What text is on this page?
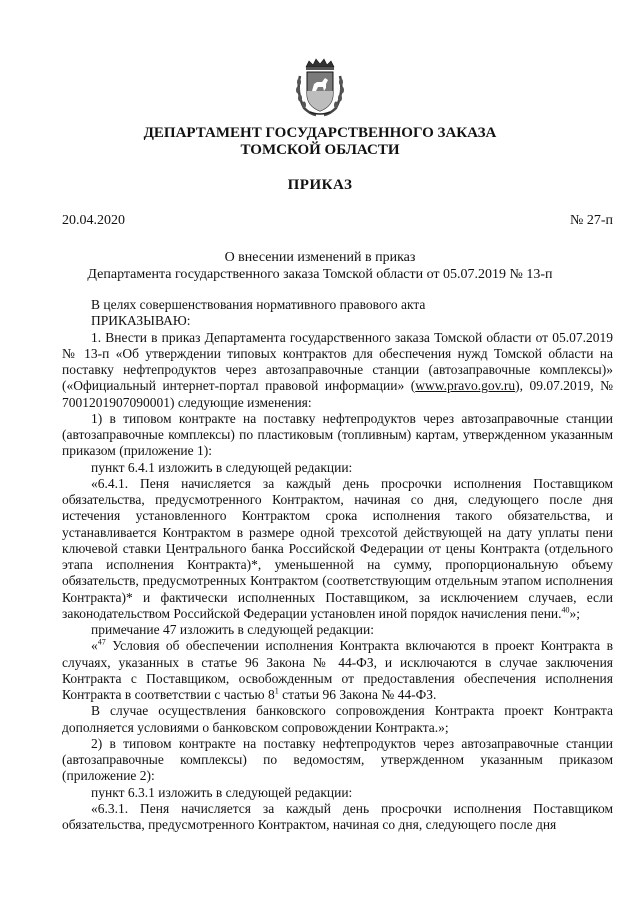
ДЕПАРТАМЕНТ ГОСУДАРСТВЕННОГО ЗАКАЗА
ТОМСКОЙ ОБЛАСТИ
ПРИКАЗ
20.04.2020	№ 27-п
О внесении изменений в приказ
Департамента государственного заказа Томской области от 05.07.2019 № 13-п

В целях совершенствования нормативного правового акта

ПРИКАЗЫВАЮ:

1. Внести в приказ Департамента государственного заказа Томской области от 05.07.2019 № 13-п «Об утверждении типовых контрактов для обеспечения нужд Томской области на поставку нефтепродуктов через автозаправочные станции (автозаправочные комплексы)» («Официальный интернет-портал правовой информации» (www.pravo.gov.ru), 09.07.2019, № 7001201907090001) следующие изменения:

1) в типовом контракте на поставку нефтепродуктов через автозаправочные станции (автозаправочные комплексы) по пластиковым (топливным) картам, утвержденном указанным приказом (приложение 1):

пункт 6.4.1 изложить в следующей редакции:

«6.4.1. Пеня начисляется за каждый день просрочки исполнения Поставщиком обязательства, предусмотренного Контрактом, начиная со дня, следующего после дня истечения установленного Контрактом срока исполнения такого обязательства, и устанавливается Контрактом в размере одной трехсотой действующей на дату уплаты пени ключевой ставки Центрального банка Российской Федерации от цены Контракта (отдельного этапа исполнения Контракта)*, уменьшенной на сумму, пропорциональную объему обязательств, предусмотренных Контрактом (соответствующим отдельным этапом исполнения Контракта)* и фактически исполненных Поставщиком, за исключением случаев, если законодательством Российской Федерации установлен иной порядок начисления пени.$^{40}$»;

примечание 47 изложить в следующей редакции:

«$^{47}$ Условия об обеспечении исполнения Контракта включаются в проект Контракта в случаях, указанных в статье 96 Закона № 44-ФЗ, и исключаются в случае заключения Контракта с Поставщиком, освобожденным от предоставления обеспечения исполнения Контракта в соответствии с частью $8^1$ статьи 96 Закона № 44-ФЗ.

В случае осуществления банковского сопровождения Контракта проект Контракта дополняется условиями о банковском сопровождении Контракта.»;

2) в типовом контракте на поставку нефтепродуктов через автозаправочные станции (автозаправочные комплексы) по ведомостям, утвержденном указанным приказом (приложение 2):

пункт 6.3.1 изложить в следующей редакции:

«6.3.1. Пеня начисляется за каждый день просрочки исполнения Поставщиком обязательства, предусмотренного Контрактом, начиная со дня, следующего после дня
